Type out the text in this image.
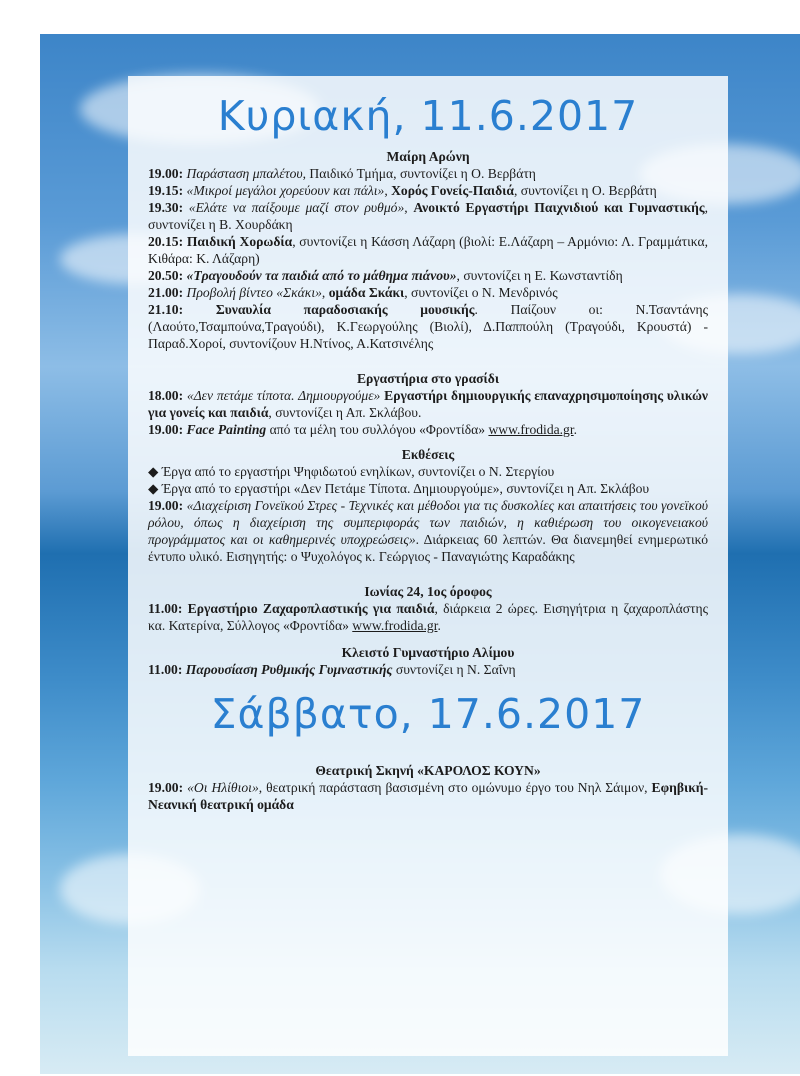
Κυριακή, 11.6.2017
Μαίρη Αρώνη
19.00: Παράσταση μπαλέτου, Παιδικό Τμήμα, συντονίζει η Ο. Βερβάτη
19.15: «Μικροί μεγάλοι χορεύουν και πάλι», Χορός Γονείς-Παιδιά, συντονίζει η Ο. Βερβάτη
19.30: «Ελάτε να παίξουμε μαζί στον ρυθμό», Ανοικτό Εργαστήρι Παιχνιδιού και Γυμναστικής, συντονίζει η Β. Χουρδάκη
20.15: Παιδική Χορωδία, συντονίζει η Κάσση Λάζαρη (βιολί: Ε.Λάζαρη – Αρμόνιο: Λ. Γραμμάτικα, Κιθάρα: Κ. Λάζαρη)
20.50: «Τραγουδούν τα παιδιά από το μάθημα πιάνου», συντονίζει η Ε. Κωνσταντίδη
21.00: Προβολή βίντεο «Σκάκι», ομάδα Σκάκι, συντονίζει ο Ν. Μενδρινός
21.10: Συναυλία παραδοσιακής μουσικής. Παίζουν οι: Ν.Τσαντάνης (Λαούτο,Τσαμπούνα,Τραγούδι), Κ.Γεωργούλης (Βιολί), Δ.Παππούλη (Τραγούδι, Κρουστά) - Παραδ.Χοροί, συντονίζουν Η.Ντίνος, Α.Κατσινέλης
Εργαστήρια στο γρασίδι
18.00: «Δεν πετάμε τίποτα. Δημιουργούμε» Εργαστήρι δημιουργικής επαναχρησιμοποίησης υλικών για γονείς και παιδιά, συντονίζει η Απ. Σκλάβου.
19.00: Face Painting από τα μέλη του συλλόγου «Φροντίδα» www.frodida.gr.
Εκθέσεις
◆ Έργα από το εργαστήρι Ψηφιδωτού ενηλίκων, συντονίζει ο Ν. Στεργίου
◆ Έργα από το εργαστήρι «Δεν Πετάμε Τίποτα. Δημιουργούμε», συντονίζει η Απ. Σκλάβου
19.00: «Διαχείριση Γονεϊκού Στρες - Τεχνικές και μέθοδοι για τις δυσκολίες και απαιτήσεις του γονεϊκού ρόλου, όπως η διαχείριση της συμπεριφοράς των παιδιών, η καθιέρωση του οικογενειακού προγράμματος και οι καθημερινές υποχρεώσεις». Διάρκειας 60 λεπτών. Θα διανεμηθεί ενημερωτικό έντυπο υλικό. Εισηγητής: ο Ψυχολόγος κ. Γεώργιος - Παναγιώτης Καραδάκης
Ιωνίας 24, 1ος όροφος
11.00: Εργαστήριο Ζαχαροπλαστικής για παιδιά, διάρκεια 2 ώρες. Εισηγήτρια η ζαχαροπλάστης κα. Κατερίνα, Σύλλογος «Φροντίδα» www.frodida.gr.
Κλειστό Γυμναστήριο Αλίμου
11.00: Παρουσίαση Ρυθμικής Γυμναστικής συντονίζει η Ν. Σαΐνη
Σάββατο, 17.6.2017
Θεατρική Σκηνή «ΚΑΡΟΛΟΣ ΚΟΥΝ»
19.00: «Οι Ηλίθιοι», θεατρική παράσταση βασισμένη στο ομώνυμο έργο του Νηλ Σάιμον, Εφηβική-Νεανική θεατρική ομάδα
